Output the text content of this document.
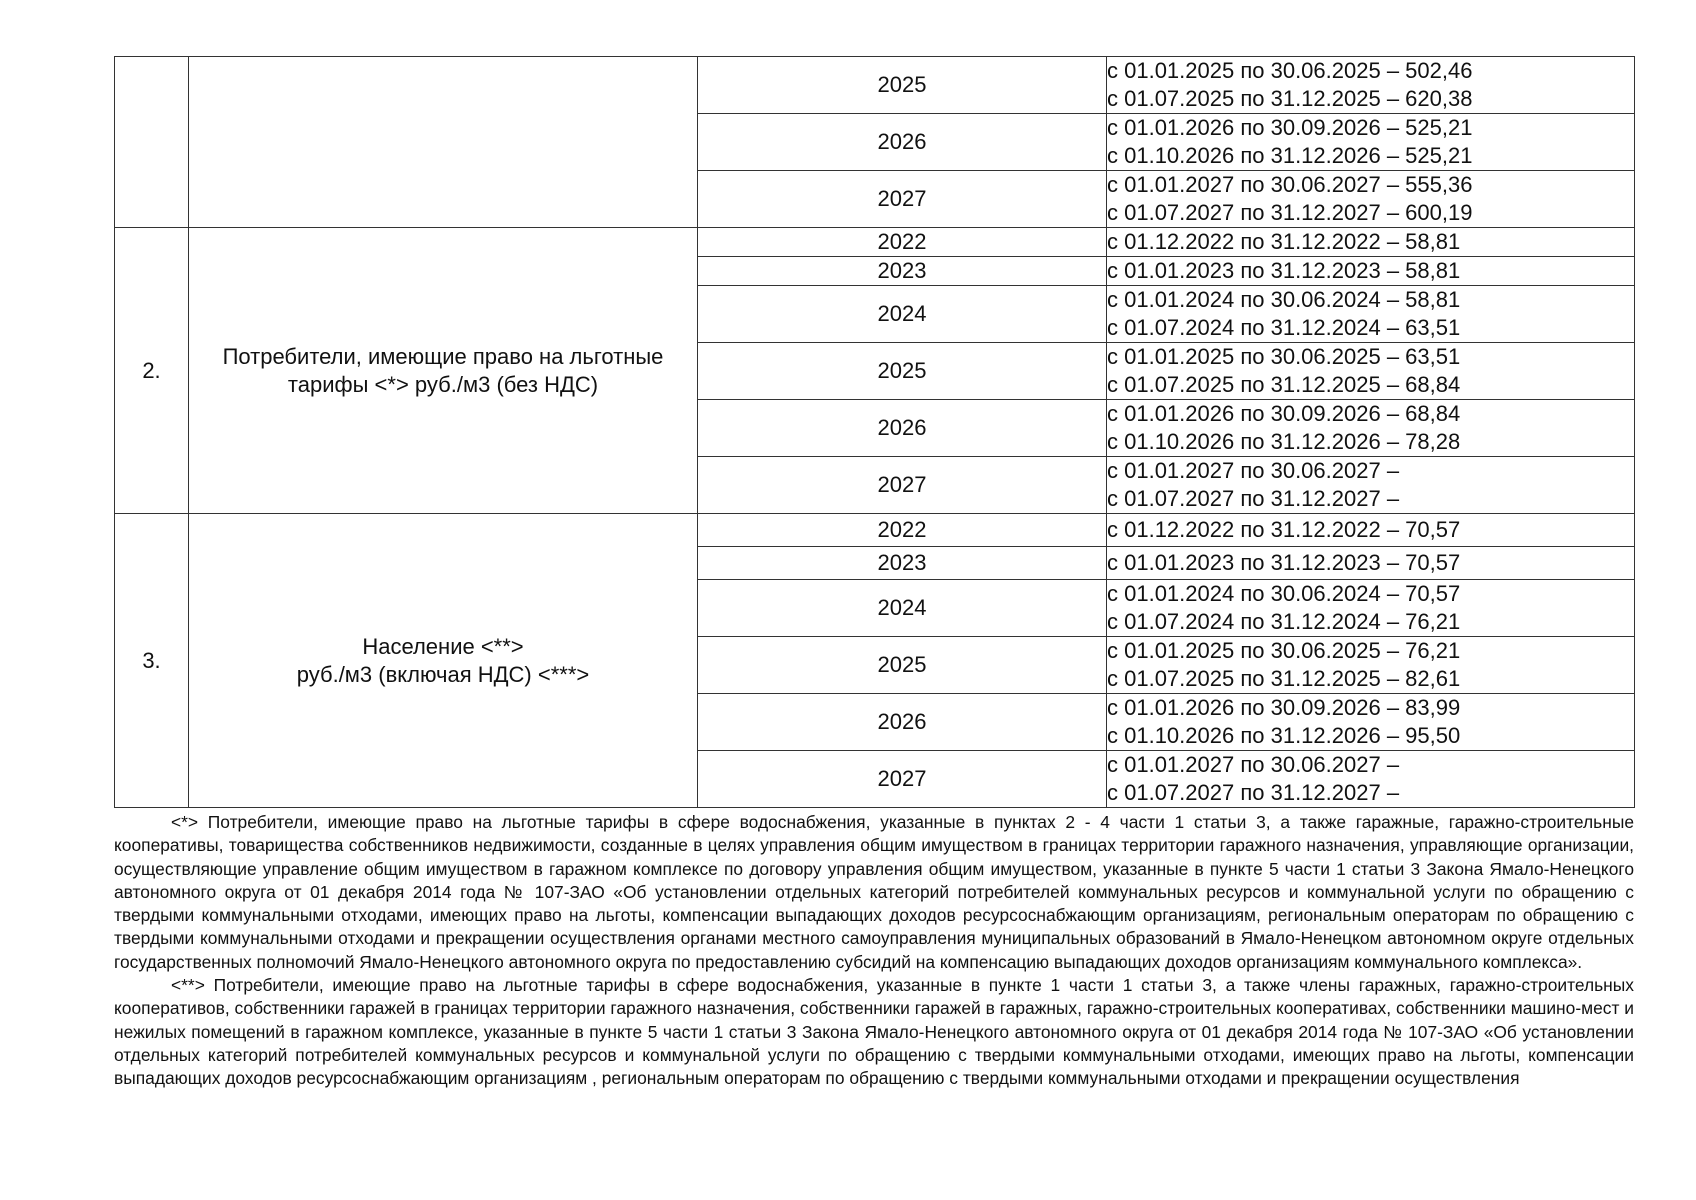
		2025	с 01.01.2025 по 30.06.2025 – 502,46
с 01.07.2025 по 31.12.2025 – 620,38

		2026	с 01.01.2026 по 30.09.2026 – 525,21
с 01.10.2026 по 31.12.2026 – 525,21

		2027	с 01.01.2027 по 30.06.2027 – 555,36
с 01.07.2027 по 31.12.2027 – 600,19

2.	Потребители, имеющие право на льготные тарифы <*> руб./м3 (без НДС)	2022	с 01.12.2022 по 31.12.2022 – 58,81

		2023	с 01.01.2023 по 31.12.2023 – 58,81

		2024	с 01.01.2024 по 30.06.2024 – 58,81
с 01.07.2024 по 31.12.2024 – 63,51

		2025	с 01.01.2025 по 30.06.2025 – 63,51
с 01.07.2025 по 31.12.2025 – 68,84

		2026	с 01.01.2026 по 30.09.2026 – 68,84
с 01.10.2026 по 31.12.2026 – 78,28

		2027	с 01.01.2027 по 30.06.2027 –
с 01.07.2027 по 31.12.2027 –

3.	Население <**>
руб./м3 (включая НДС) <***>	2022	с 01.12.2022 по 31.12.2022 – 70,57

		2023	с 01.01.2023 по 31.12.2023 – 70,57

		2024	с 01.01.2024 по 30.06.2024 – 70,57
с 01.07.2024 по 31.12.2024 – 76,21

		2025	с 01.01.2025 по 30.06.2025 – 76,21
с 01.07.2025 по 31.12.2025 – 82,61

		2026	с 01.01.2026 по 30.09.2026 – 83,99
с 01.10.2026 по 31.12.2026 – 95,50

		2027	с 01.01.2027 по 30.06.2027 –
с 01.07.2027 по 31.12.2027 –

<*> Потребители, имеющие право на льготные тарифы в сфере водоснабжения, указанные в пунктах 2 - 4 части 1 статьи 3, а также гаражные, гаражно-строительные кооперативы, товарищества собственников недвижимости, созданные в целях управления общим имуществом в границах территории гаражного назначения, управляющие организации, осуществляющие управление общим имуществом в гаражном комплексе по договору управления общим имуществом, указанные в пункте 5 части 1 статьи 3 Закона Ямало-Ненецкого автономного округа от 01 декабря 2014 года № 107-ЗАО «Об установлении отдельных категорий потребителей коммунальных ресурсов и коммунальной услуги по обращению с твердыми коммунальными отходами, имеющих право на льготы, компенсации выпадающих доходов ресурсоснабжающим организациям, региональным операторам по обращению с твердыми коммунальными отходами и прекращении осуществления органами местного самоуправления муниципальных образований в Ямало-Ненецком автономном округе отдельных государственных полномочий Ямало-Ненецкого автономного округа по предоставлению субсидий на компенсацию выпадающих доходов организациям коммунального комплекса».

<**> Потребители, имеющие право на льготные тарифы в сфере водоснабжения, указанные в пункте 1 части 1 статьи 3, а также члены гаражных, гаражно-строительных кооперативов, собственники гаражей в границах территории гаражного назначения, собственники гаражей в гаражных, гаражно-строительных кооперативах, собственники машино-мест и нежилых помещений в гаражном комплексе, указанные в пункте 5 части 1 статьи 3 Закона Ямало-Ненецкого автономного округа от 01 декабря 2014 года № 107-ЗАО «Об установлении отдельных категорий потребителей коммунальных ресурсов и коммунальной услуги по обращению с твердыми коммунальными отходами, имеющих право на льготы, компенсации выпадающих доходов ресурсоснабжающим организациям , региональным операторам по обращению с твердыми коммунальными отходами и прекращении осуществления
